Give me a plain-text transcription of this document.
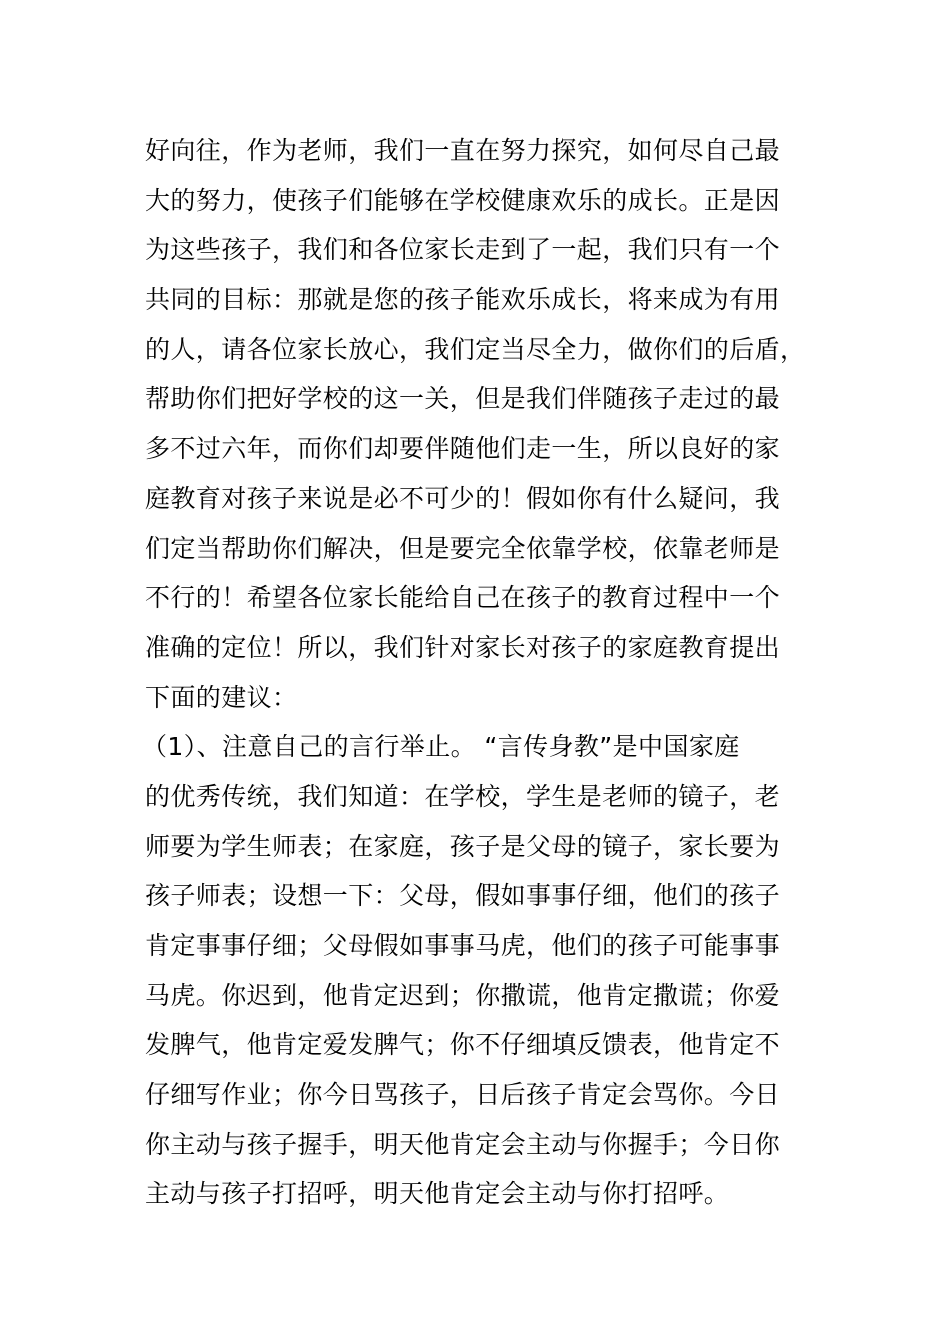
好向往，作为老师，我们一直在努力探究，如何尽自己最
大的努力，使孩子们能够在学校健康欢乐的成长。正是因
为这些孩子，我们和各位家长走到了一起，我们只有一个
共同的目标：那就是您的孩子能欢乐成长，将来成为有用
的人，请各位家长放心，我们定当尽全力，做你们的后盾，
帮助你们把好学校的这一关，但是我们伴随孩子走过的最
多不过六年，而你们却要伴随他们走一生，所以良好的家
庭教育对孩子来说是必不可少的！假如你有什么疑问，我
们定当帮助你们解决，但是要完全依靠学校，依靠老师是
不行的！希望各位家长能给自己在孩子的教育过程中一个
准确的定位！所以，我们针对家长对孩子的家庭教育提出
下面的建议：
（1）、注意自己的言行举止。 “言传身教”是中国家庭
的优秀传统，我们知道：在学校，学生是老师的镜子，老
师要为学生师表；在家庭，孩子是父母的镜子，家长要为
孩子师表；设想一下：父母，假如事事仔细，他们的孩子
肯定事事仔细；父母假如事事马虎，他们的孩子可能事事
马虎。你迟到，他肯定迟到；你撒谎，他肯定撒谎；你爱
发脾气，他肯定爱发脾气；你不仔细填反馈表，他肯定不
仔细写作业；你今日骂孩子，日后孩子肯定会骂你。今日
你主动与孩子握手，明天他肯定会主动与你握手；今日你
主动与孩子打招呼，明天他肯定会主动与你打招呼。
